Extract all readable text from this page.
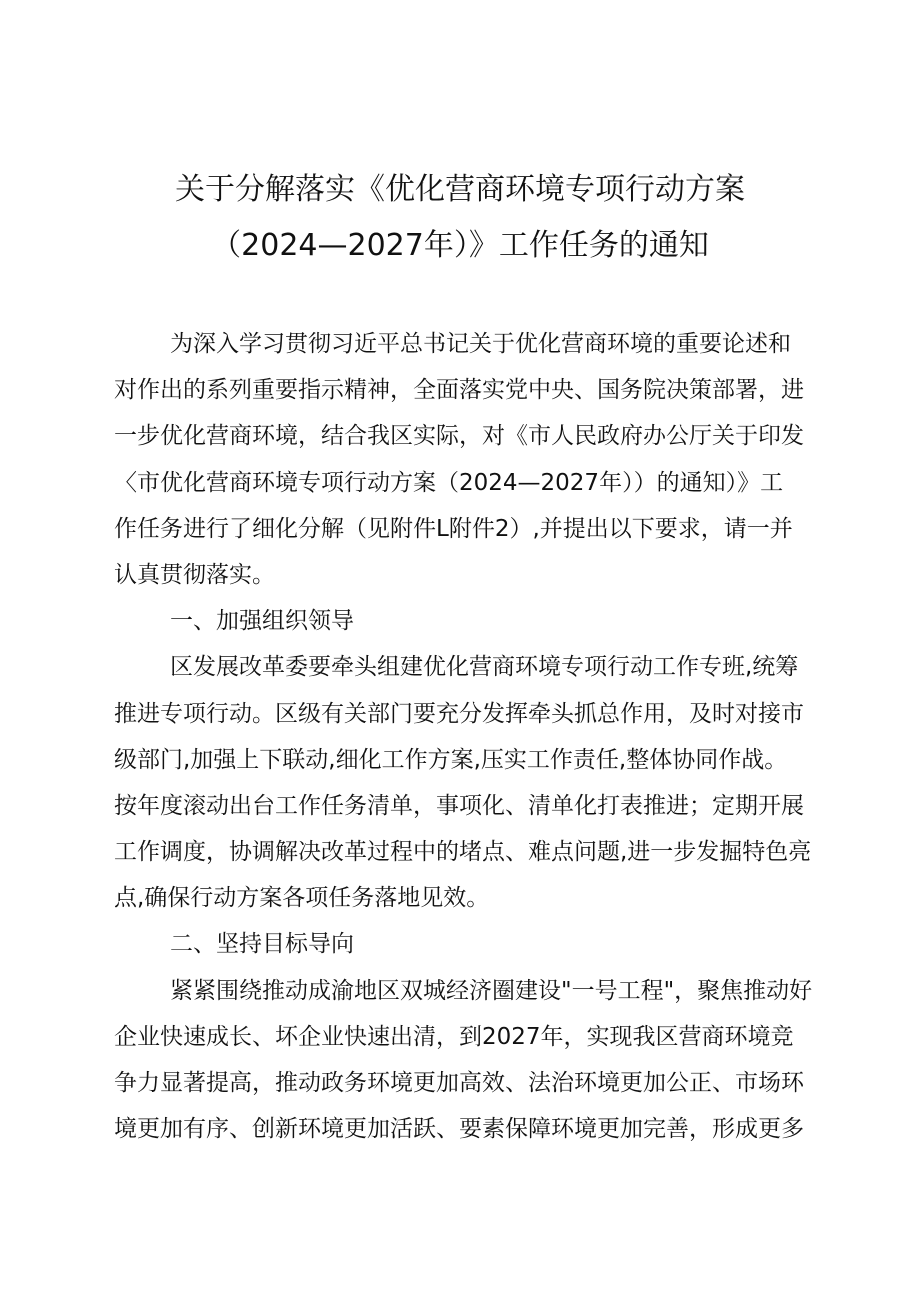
关于分解落实《优化营商环境专项行动方案
（2024—2027年）》工作任务的通知
为深入学习贯彻习近平总书记关于优化营商环境的重要论述和
对作出的系列重要指示精神，全面落实党中央、国务院决策部署，进
一步优化营商环境，结合我区实际，对《市人民政府办公厅关于印发
〈市优化营商环境专项行动方案（2024—2027年））的通知）》工
作任务进行了细化分解（见附件L附件2）,并提出以下要求，请一并
认真贯彻落实。
一、加强组织领导
区发展改革委要牵头组建优化营商环境专项行动工作专班,统筹
推进专项行动。区级有关部门要充分发挥牵头抓总作用，及时对接市
级部门,加强上下联动,细化工作方案,压实工作责任,整体协同作战。
按年度滚动出台工作任务清单，事项化、清单化打表推进；定期开展
工作调度，协调解决改革过程中的堵点、难点问题,进一步发掘特色亮
点,确保行动方案各项任务落地见效。
二、坚持目标导向
紧紧围绕推动成渝地区双城经济圈建设"一号工程"，聚焦推动好
企业快速成长、坏企业快速出清，到2027年，实现我区营商环境竞
争力显著提高，推动政务环境更加高效、法治环境更加公正、市场环
境更加有序、创新环境更加活跃、要素保障环境更加完善，形成更多
